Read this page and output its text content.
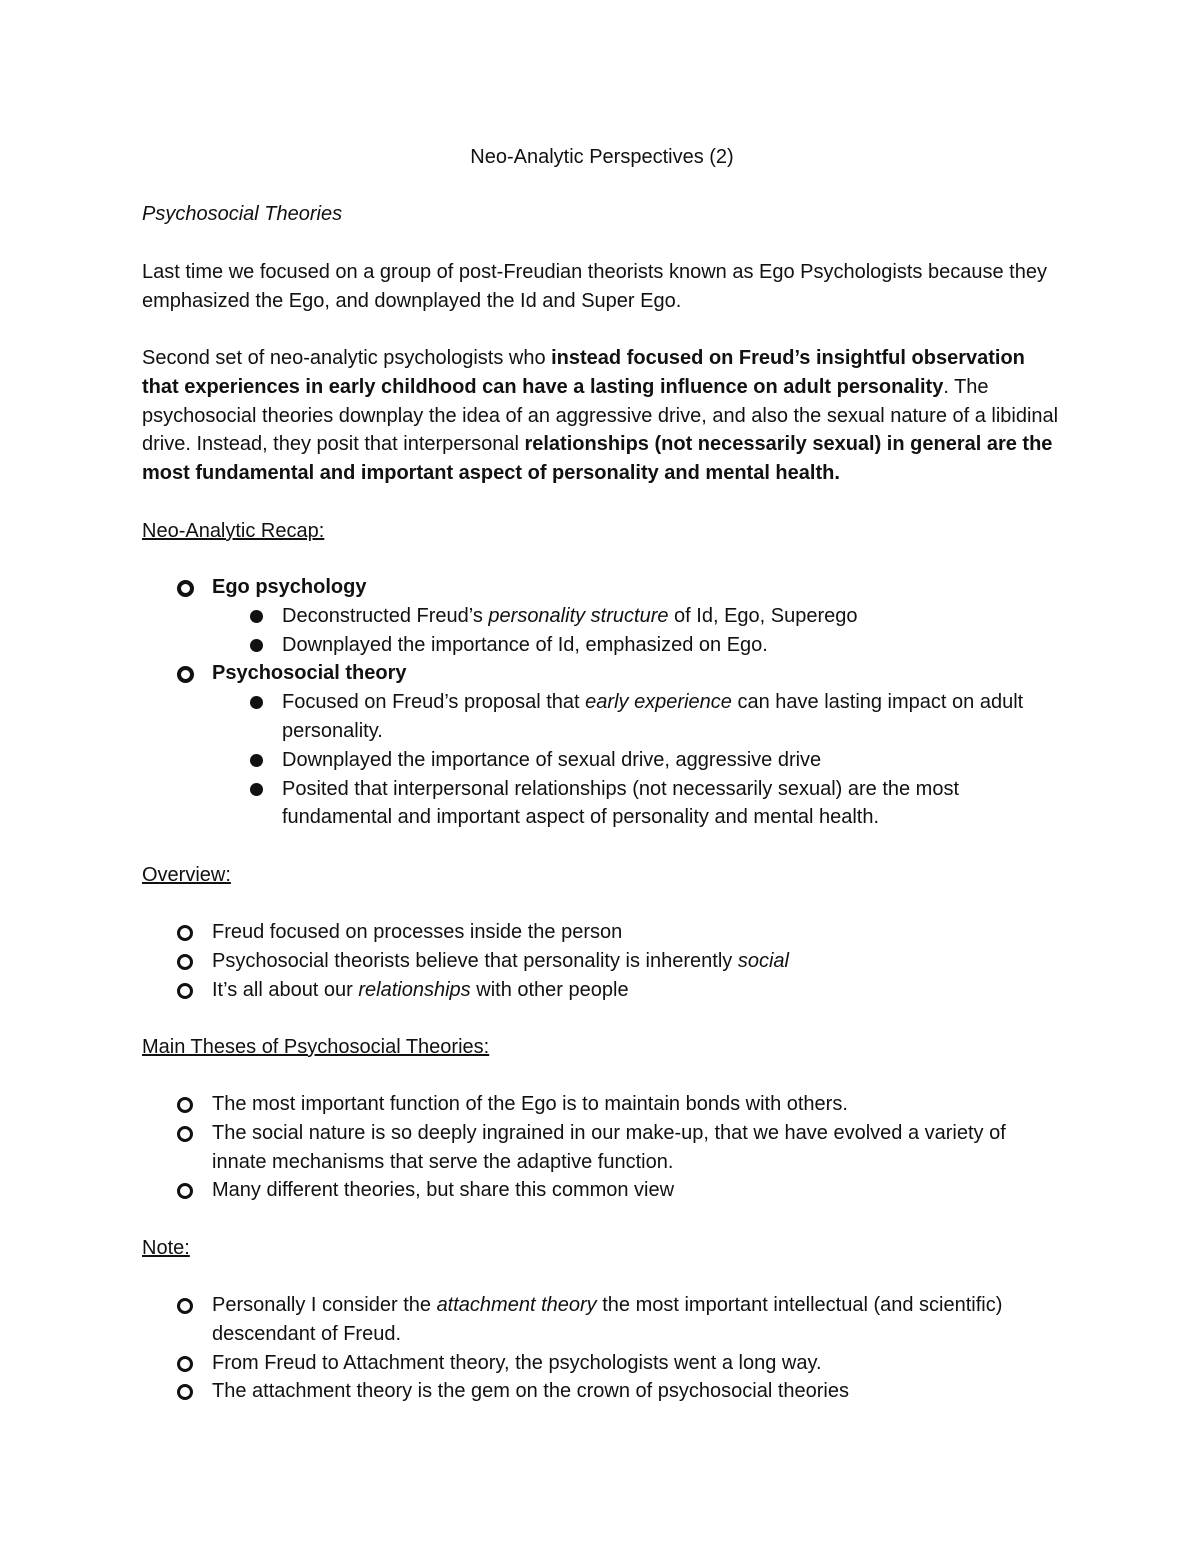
Neo-Analytic Perspectives (2)
Psychosocial Theories
Last time we focused on a group of post-Freudian theorists known as Ego Psychologists because they emphasized the Ego, and downplayed the Id and Super Ego.
Second set of neo-analytic psychologists who instead focused on Freud’s insightful observation that experiences in early childhood can have a lasting influence on adult personality. The psychosocial theories downplay the idea of an aggressive drive, and also the sexual nature of a libidinal drive. Instead, they posit that interpersonal relationships (not necessarily sexual) in general are the most fundamental and important aspect of personality and mental health.
Neo-Analytic Recap:
Ego psychology
Deconstructed Freud’s personality structure of Id, Ego, Superego
Downplayed the importance of Id, emphasized on Ego.
Psychosocial theory
Focused on Freud’s proposal that early experience can have lasting impact on adult personality.
Downplayed the importance of sexual drive, aggressive drive
Posited that interpersonal relationships (not necessarily sexual) are the most fundamental and important aspect of personality and mental health.
Overview:
Freud focused on processes inside the person
Psychosocial theorists believe that personality is inherently social
It’s all about our relationships with other people
Main Theses of Psychosocial Theories:
The most important function of the Ego is to maintain bonds with others.
The social nature is so deeply ingrained in our make-up, that we have evolved a variety of innate mechanisms that serve the adaptive function.
Many different theories, but share this common view
Note:
Personally I consider the attachment theory the most important intellectual (and scientific) descendant of Freud.
From Freud to Attachment theory, the psychologists went a long way.
The attachment theory is the gem on the crown of psychosocial theories
